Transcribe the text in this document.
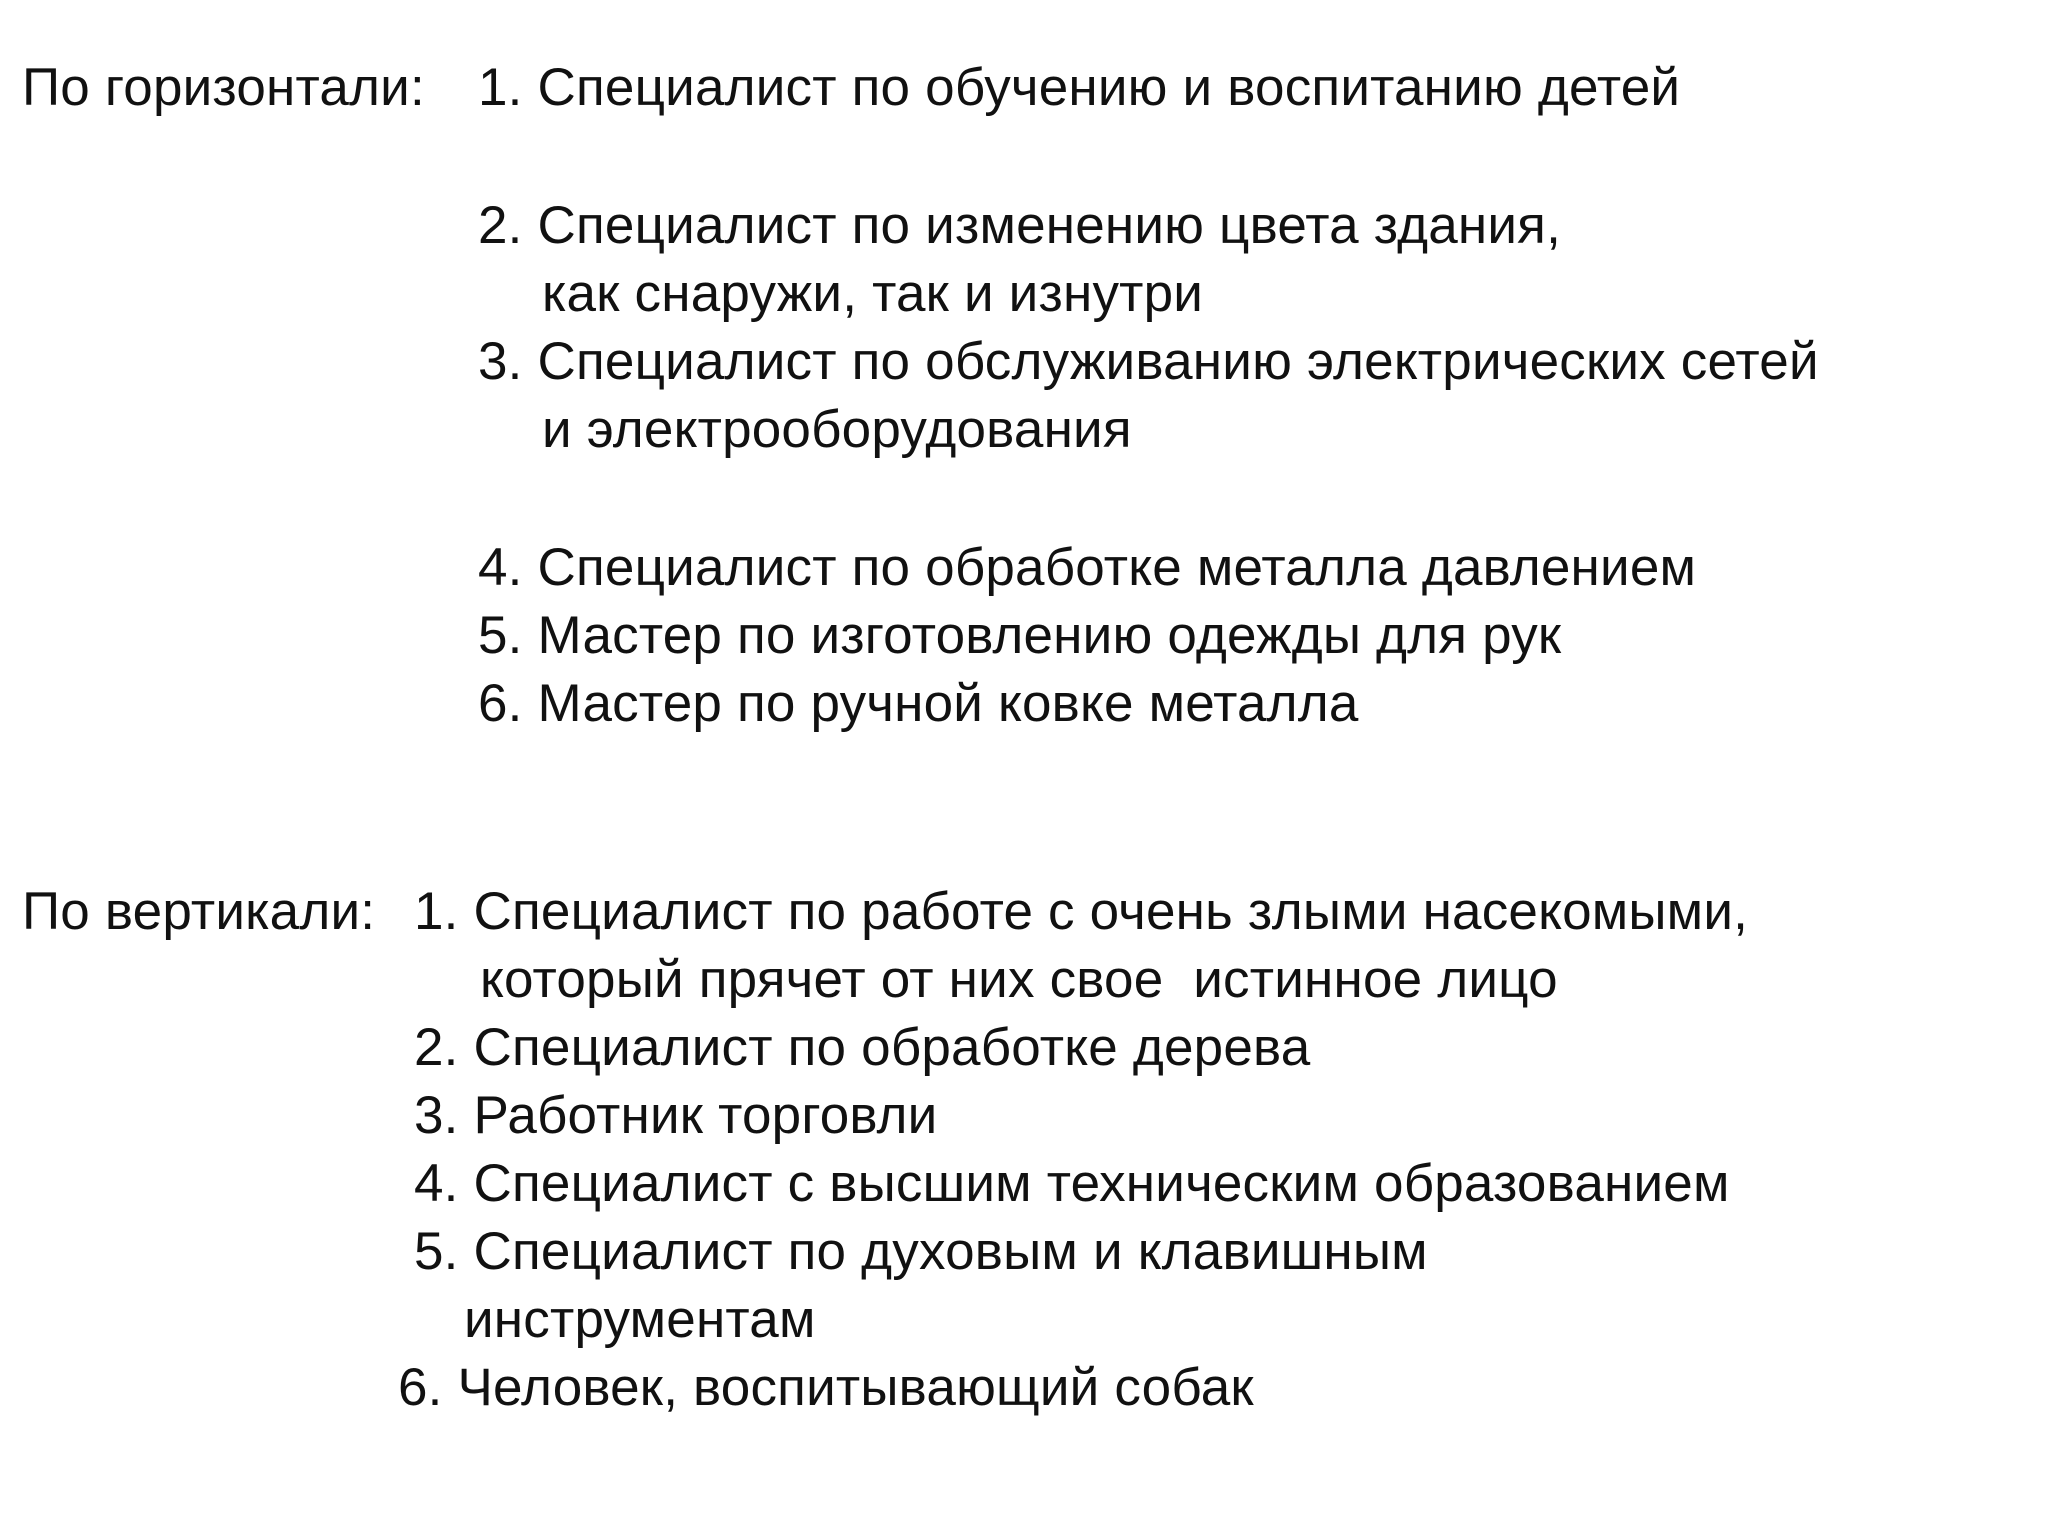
По горизонтали: 1. Специалист по обучению и воспитанию детей
2. Специалист по изменению цвета здания,
как снаружи, так и изнутри
3. Специалист по обслуживанию электрических сетей
и электрооборудования
4. Специалист по обработке металла давлением
5. Мастер по изготовлению одежды для рук
6. Мастер по ручной ковке металла
По вертикали: 1. Специалист по работе с очень злыми насекомыми,
который прячет от них свое  истинное лицо
2. Специалист по обработке дерева
3. Работник торговли
4. Специалист с высшим техническим образованием
5. Специалист по духовым и клавишным
инструментам
6. Человек, воспитывающий собак
